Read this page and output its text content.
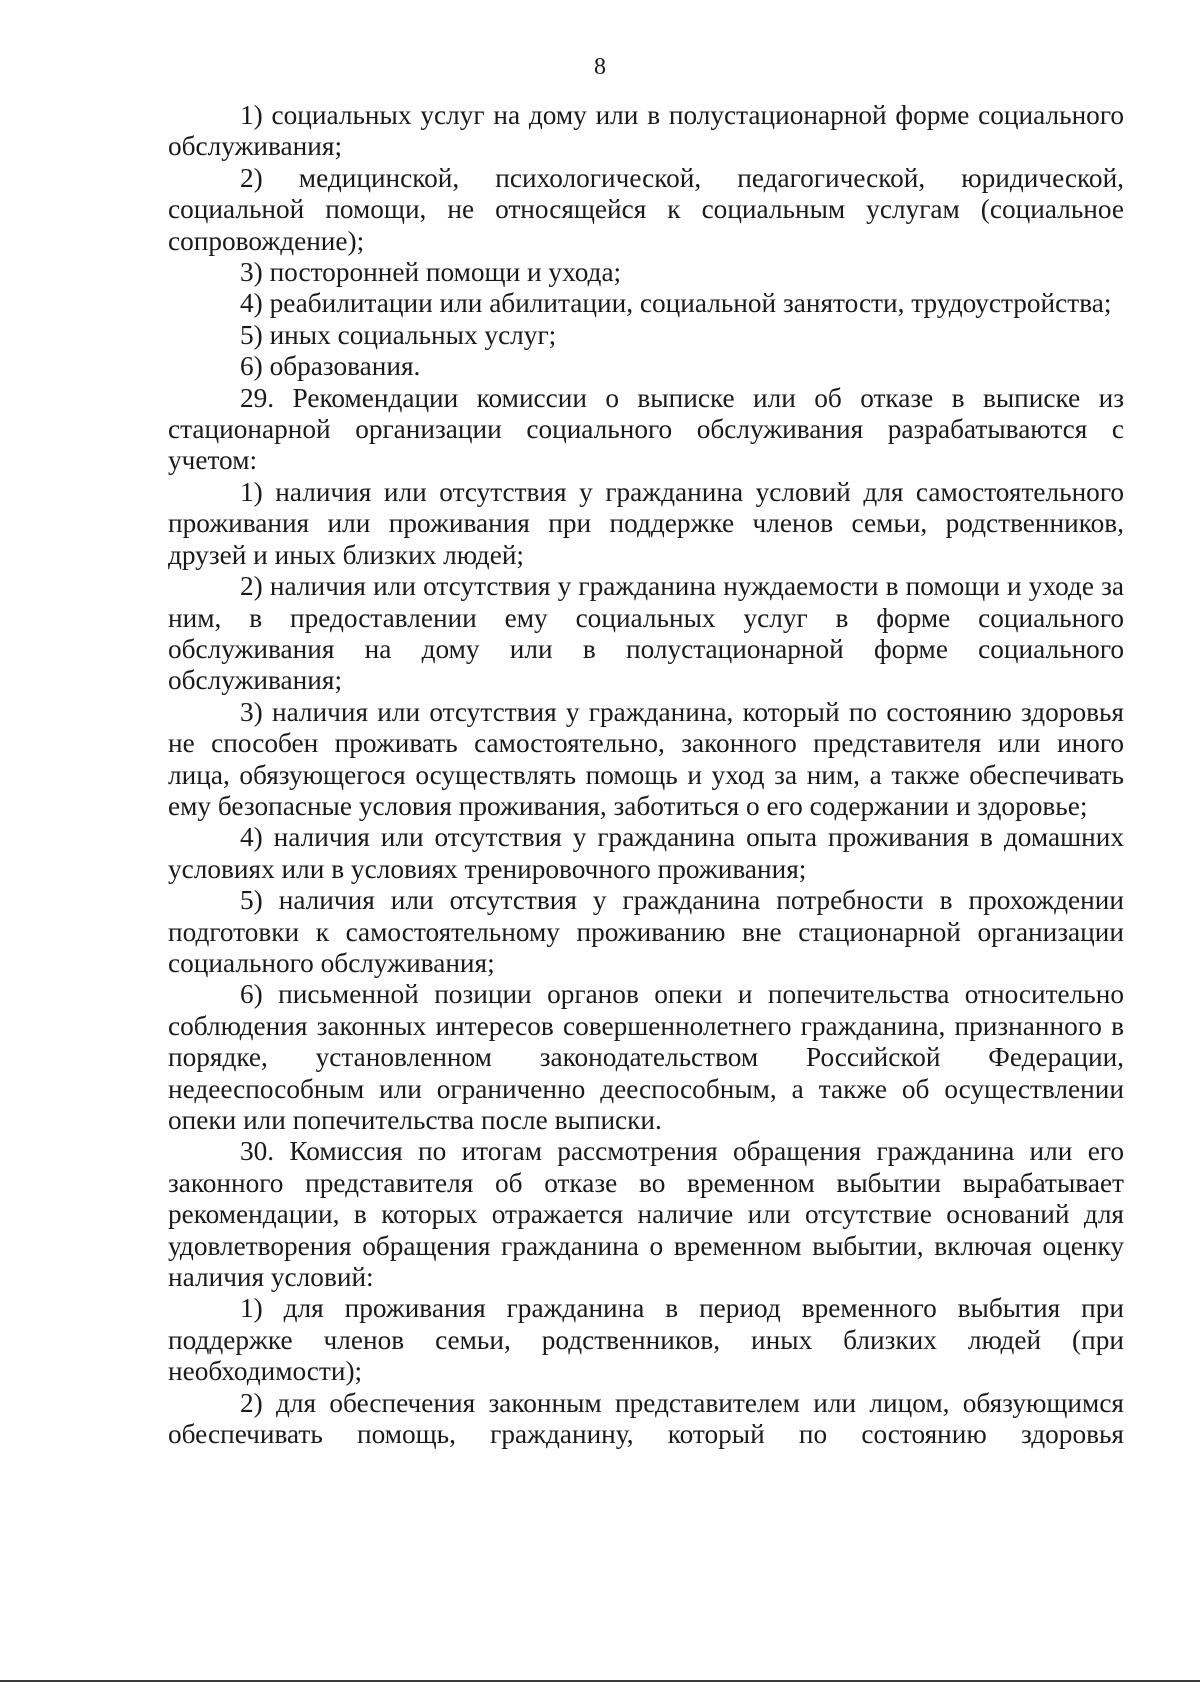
8

1) социальных услуг на дому или в полустационарной форме социального обслуживания;

2) медицинской, психологической, педагогической, юридической, социальной помощи, не относящейся к социальным услугам (социальное сопровождение);

3) посторонней помощи и ухода;

4) реабилитации или абилитации, социальной занятости, трудоустройства;

5) иных социальных услуг;

6) образования.

29. Рекомендации комиссии о выписке или об отказе в выписке из стационарной организации социального обслуживания разрабатываются с учетом:

1) наличия или отсутствия у гражданина условий для самостоятельного проживания или проживания при поддержке членов семьи, родственников, друзей и иных близких людей;

2) наличия или отсутствия у гражданина нуждаемости в помощи и уходе за ним, в предоставлении ему социальных услуг в форме социального обслуживания на дому или в полустационарной форме социального обслуживания;

3) наличия или отсутствия у гражданина, который по состоянию здоровья не способен проживать самостоятельно, законного представителя или иного лица, обязующегося осуществлять помощь и уход за ним, а также обеспечивать ему безопасные условия проживания, заботиться о его содержании и здоровье;

4) наличия или отсутствия у гражданина опыта проживания в домашних условиях или в условиях тренировочного проживания;

5) наличия или отсутствия у гражданина потребности в прохождении подготовки к самостоятельному проживанию вне стационарной организации социального обслуживания;

6) письменной позиции органов опеки и попечительства относительно соблюдения законных интересов совершеннолетнего гражданина, признанного в порядке, установленном законодательством Российской Федерации, недееспособным или ограниченно дееспособным, а также об осуществлении опеки или попечительства после выписки.

30. Комиссия по итогам рассмотрения обращения гражданина или его законного представителя об отказе во временном выбытии вырабатывает рекомендации, в которых отражается наличие или отсутствие оснований для удовлетворения обращения гражданина о временном выбытии, включая оценку наличия условий:

1) для проживания гражданина в период временного выбытия при поддержке членов семьи, родственников, иных близких людей (при необходимости);

2) для обеспечения законным представителем или лицом, обязующимся обеспечивать помощь, гражданину, который по состоянию здоровья
